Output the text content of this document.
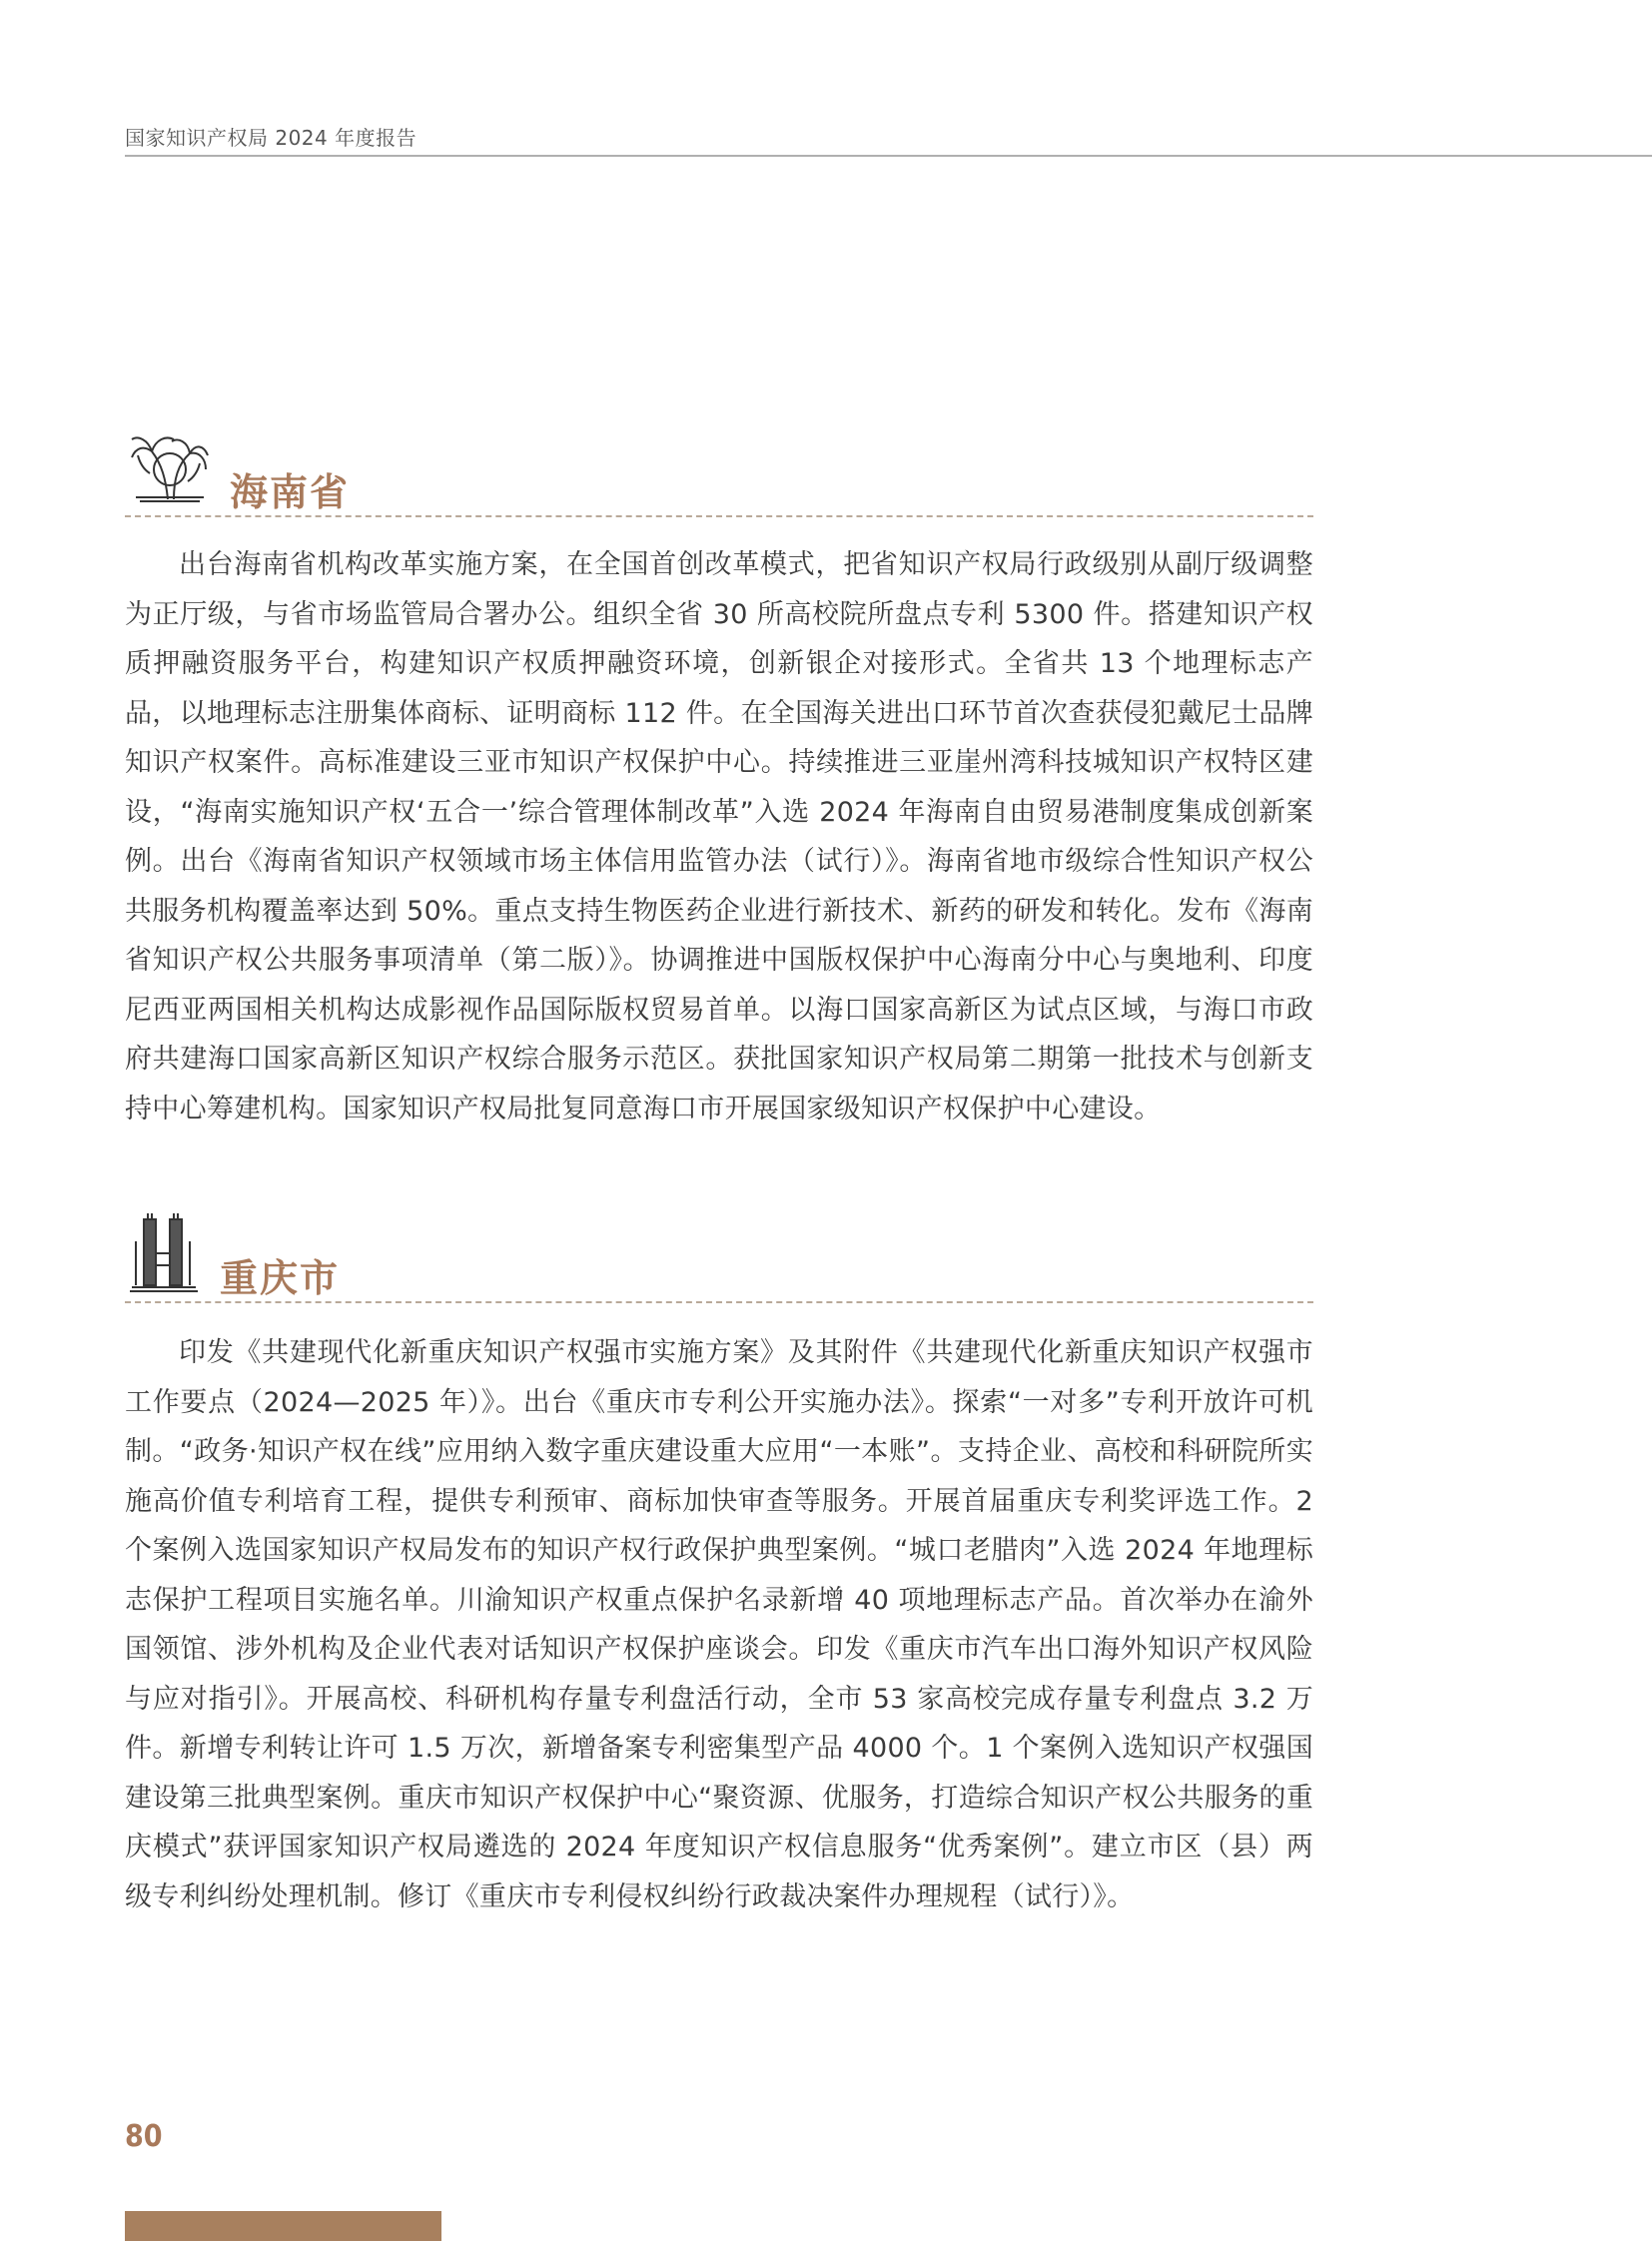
国家知识产权局 2024 年度报告
海南省

出台海南省机构改革实施方案，在全国首创改革模式，把省知识产权局行政级别从副厅级调整为正厅级，与省市场监管局合署办公。组织全省 30 所高校院所盘点专利 5300 件。搭建知识产权质押融资服务平台，构建知识产权质押融资环境，创新银企对接形式。全省共 13 个地理标志产品，以地理标志注册集体商标、证明商标 112 件。在全国海关进出口环节首次查获侵犯戴尼士品牌知识产权案件。高标准建设三亚市知识产权保护中心。持续推进三亚崖州湾科技城知识产权特区建设，“海南实施知识产权‘五合一’综合管理体制改革”入选 2024 年海南自由贸易港制度集成创新案例。出台《海南省知识产权领域市场主体信用监管办法（试行）》。海南省地市级综合性知识产权公共服务机构覆盖率达到 50%。重点支持生物医药企业进行新技术、新药的研发和转化。发布《海南省知识产权公共服务事项清单（第二版）》。协调推进中国版权保护中心海南分中心与奥地利、印度尼西亚两国相关机构达成影视作品国际版权贸易首单。以海口国家高新区为试点区域，与海口市政府共建海口国家高新区知识产权综合服务示范区。获批国家知识产权局第二期第一批技术与创新支持中心筹建机构。国家知识产权局批复同意海口市开展国家级知识产权保护中心建设。

重庆市

印发《共建现代化新重庆知识产权强市实施方案》及其附件《共建现代化新重庆知识产权强市工作要点（2024—2025 年）》。出台《重庆市专利公开实施办法》。探索“一对多”专利开放许可机制。“政务·知识产权在线”应用纳入数字重庆建设重大应用“一本账”。支持企业、高校和科研院所实施高价值专利培育工程，提供专利预审、商标加快审查等服务。开展首届重庆专利奖评选工作。2 个案例入选国家知识产权局发布的知识产权行政保护典型案例。“城口老腊肉”入选 2024 年地理标志保护工程项目实施名单。川渝知识产权重点保护名录新增 40 项地理标志产品。首次举办在渝外国领馆、涉外机构及企业代表对话知识产权保护座谈会。印发《重庆市汽车出口海外知识产权风险与应对指引》。开展高校、科研机构存量专利盘活行动，全市 53 家高校完成存量专利盘点 3.2 万件。新增专利转让许可 1.5 万次，新增备案专利密集型产品 4000 个。1 个案例入选知识产权强国建设第三批典型案例。重庆市知识产权保护中心“聚资源、优服务，打造综合知识产权公共服务的重庆模式”获评国家知识产权局遴选的 2024 年度知识产权信息服务“优秀案例”。建立市区（县）两级专利纠纷处理机制。修订《重庆市专利侵权纠纷行政裁决案件办理规程（试行）》。

80
